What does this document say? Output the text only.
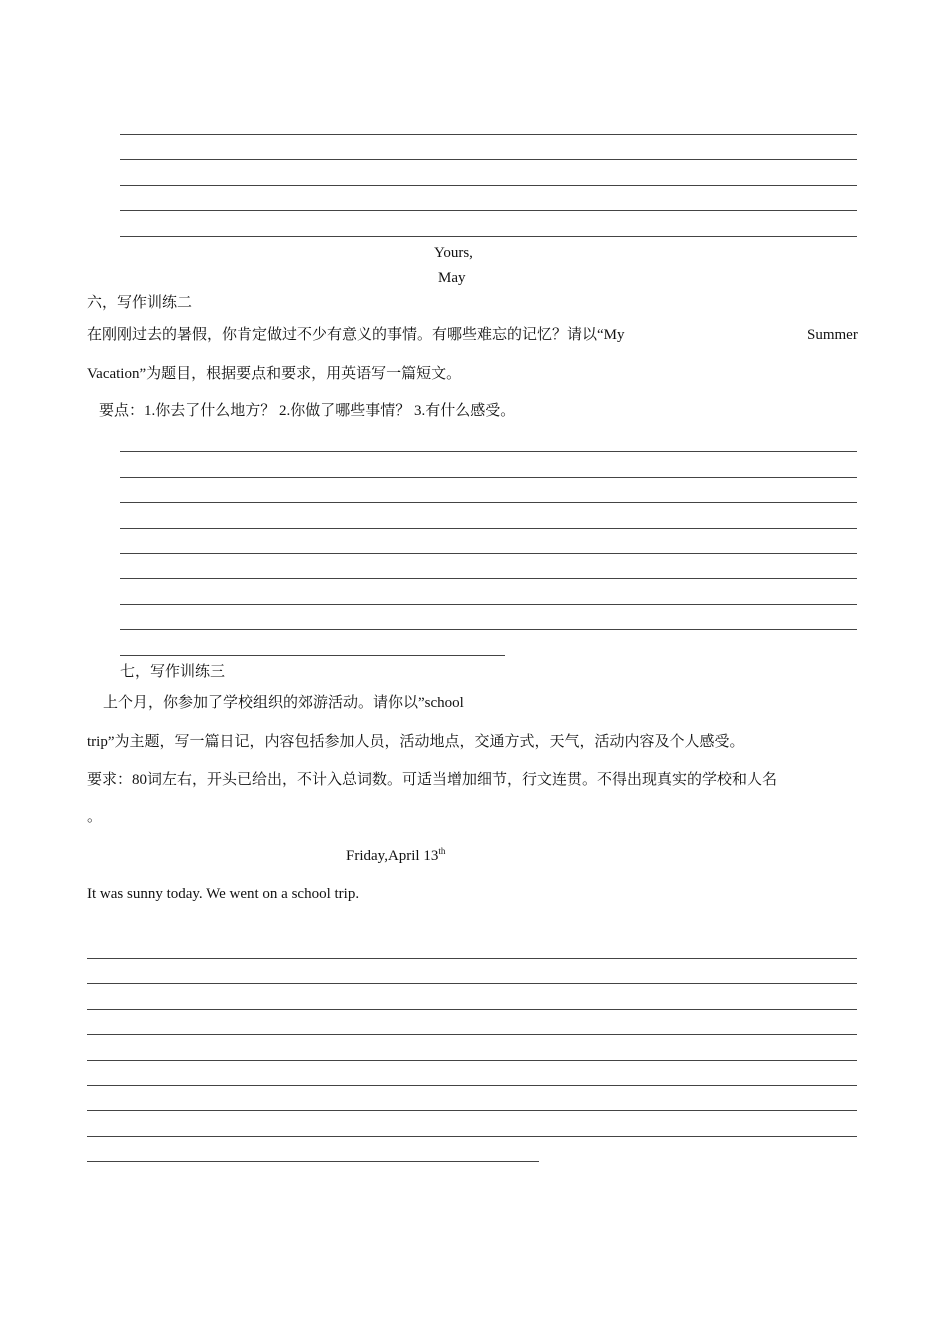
Yours,
May
六，写作训练二
在刚刚过去的暑假，你肯定做过不少有意义的事情。有哪些难忘的记忆？请以“My	Summer
Vacation”为题目，根据要点和要求，用英语写一篇短文。
要点：1.你去了什么地方？ 2.你做了哪些事情？ 3.有什么感受。
七，写作训练三
上个月，你参加了学校组织的郊游活动。请你以”school
trip”为主题，写一篇日记，内容包括参加人员，活动地点，交通方式，天气，活动内容及个人感受。
要求：80词左右，开头已给出，不计入总词数。可适当增加细节，行文连贯。不得出现真实的学校和人名
。
Friday,April 13th
It was sunny today. We went on a school trip.
